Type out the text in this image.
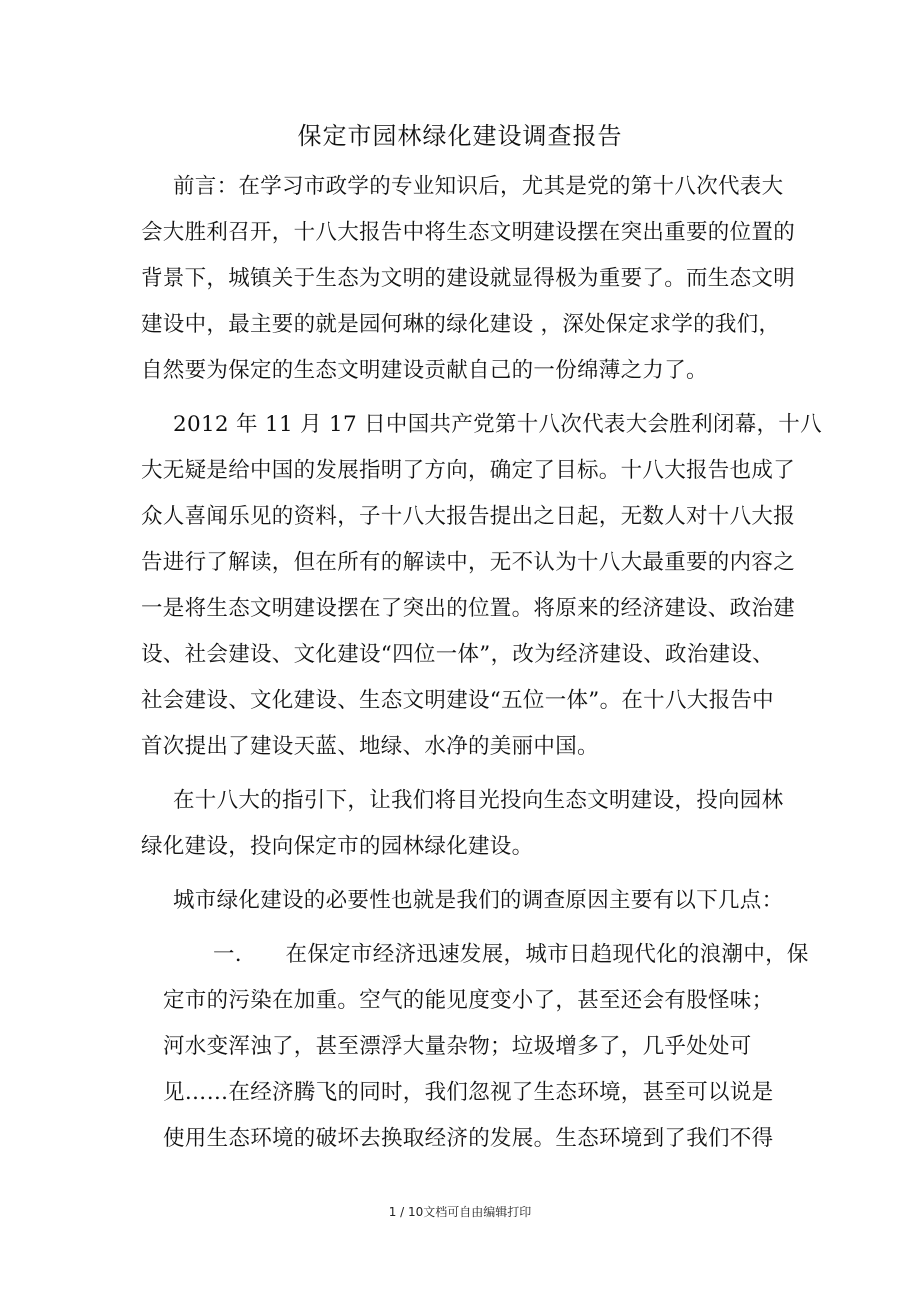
保定市园林绿化建设调查报告
前言：在学习市政学的专业知识后，尤其是党的第十八次代表大
会大胜利召开，十八大报告中将生态文明建设摆在突出重要的位置的
背景下，城镇关于生态为文明的建设就显得极为重要了。而生态文明
建设中，最主要的就是园何琳的绿化建设 ，深处保定求学的我们，
自然要为保定的生态文明建设贡献自己的一份绵薄之力了。
2012 年 11 月 17 日中国共产党第十八次代表大会胜利闭幕，十八
大无疑是给中国的发展指明了方向，确定了目标。十八大报告也成了
众人喜闻乐见的资料，子十八大报告提出之日起，无数人对十八大报
告进行了解读，但在所有的解读中，无不认为十八大最重要的内容之
一是将生态文明建设摆在了突出的位置。将原来的经济建设、政治建
设、社会建设、文化建设“四位一体”，改为经济建设、政治建设、
社会建设、文化建设、生态文明建设“五位一体”。在十八大报告中
首次提出了建设天蓝、地绿、水净的美丽中国。
在十八大的指引下，让我们将目光投向生态文明建设，投向园林
绿化建设，投向保定市的园林绿化建设。
城市绿化建设的必要性也就是我们的调查原因主要有以下几点：
一.　　在保定市经济迅速发展，城市日趋现代化的浪潮中，保
定市的污染在加重。空气的能见度变小了，甚至还会有股怪味；
河水变浑浊了，甚至漂浮大量杂物；垃圾增多了，几乎处处可
见……在经济腾飞的同时，我们忽视了生态环境，甚至可以说是
使用生态环境的破坏去换取经济的发展。生态环境到了我们不得
1 / 10文档可自由编辑打印
